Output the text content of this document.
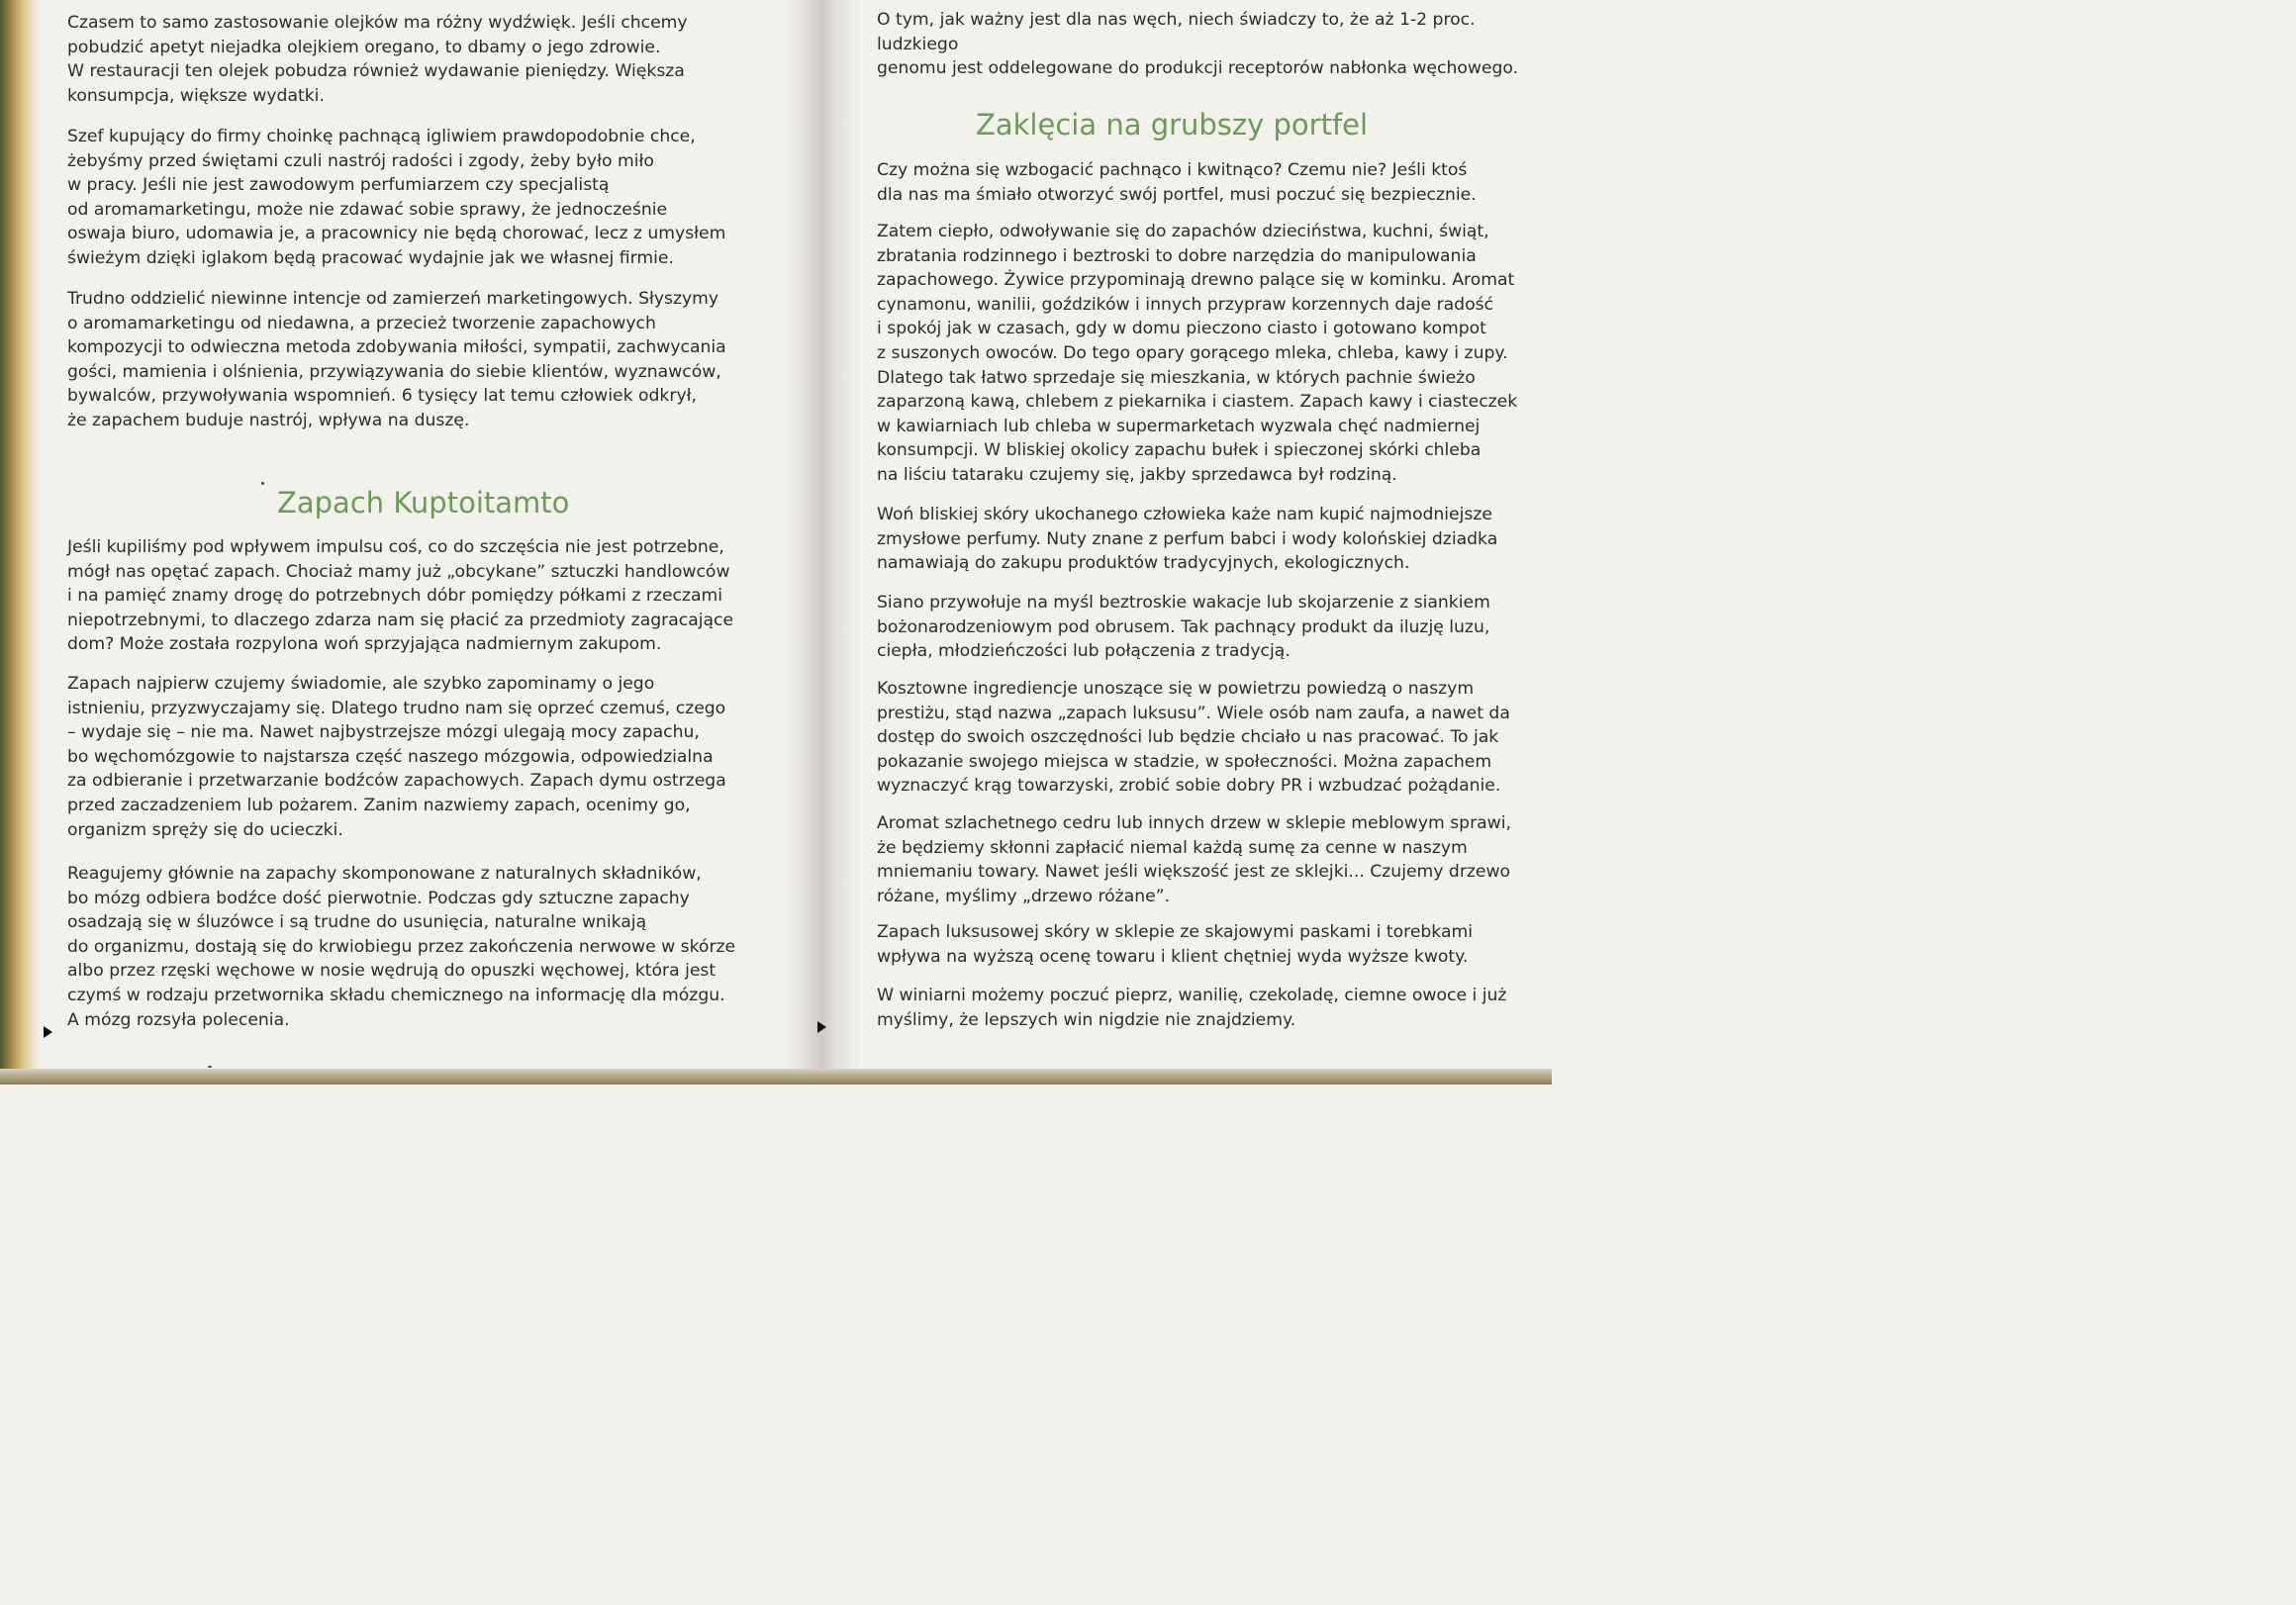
Czasem to samo zastosowanie olejków ma różny wydźwięk. Jeśli chcemy
pobudzić apetyt niejadka olejkiem oregano, to dbamy o jego zdrowie.
W restauracji ten olejek pobudza również wydawanie pieniędzy. Większa
konsumpcja, większe wydatki.

Szef kupujący do firmy choinkę pachnącą igliwiem prawdopodobnie chce,
żebyśmy przed świętami czuli nastrój radości i zgody, żeby było miło
w pracy. Jeśli nie jest zawodowym perfumiarzem czy specjalistą
od aromamarketingu, może nie zdawać sobie sprawy, że jednocześnie
oswaja biuro, udomawia je, a pracownicy nie będą chorować, lecz z umysłem
świeżym dzięki iglakom będą pracować wydajnie jak we własnej firmie.

Trudno oddzielić niewinne intencje od zamierzeń marketingowych. Słyszymy
o aromamarketingu od niedawna, a przecież tworzenie zapachowych
kompozycji to odwieczna metoda zdobywania miłości, sympatii, zachwycania
gości, mamienia i olśnienia, przywiązywania do siebie klientów, wyznawców,
bywalców, przywoływania wspomnień. 6 tysięcy lat temu człowiek odkrył,
że zapachem buduje nastrój, wpływa na duszę.

Zapach Kuptoitamto

Jeśli kupiliśmy pod wpływem impulsu coś, co do szczęścia nie jest potrzebne,
mógł nas opętać zapach. Chociaż mamy już „obcykane” sztuczki handlowców
i na pamięć znamy drogę do potrzebnych dóbr pomiędzy półkami z rzeczami
niepotrzebnymi, to dlaczego zdarza nam się płacić za przedmioty zagracające
dom? Może została rozpylona woń sprzyjająca nadmiernym zakupom.

Zapach najpierw czujemy świadomie, ale szybko zapominamy o jego
istnieniu, przyzwyczajamy się. Dlatego trudno nam się oprzeć czemuś, czego
– wydaje się – nie ma. Nawet najbystrzejsze mózgi ulegają mocy zapachu,
bo węchomózgowie to najstarsza część naszego mózgowia, odpowiedzialna
za odbieranie i przetwarzanie bodźców zapachowych. Zapach dymu ostrzega
przed zaczadzeniem lub pożarem. Zanim nazwiemy zapach, ocenimy go,
organizm spręży się do ucieczki.

Reagujemy głównie na zapachy skomponowane z naturalnych składników,
bo mózg odbiera bodźce dość pierwotnie. Podczas gdy sztuczne zapachy
osadzają się w śluzówce i są trudne do usunięcia, naturalne wnikają
do organizmu, dostają się do krwiobiegu przez zakończenia nerwowe w skórze
albo przez rzęski węchowe w nosie wędrują do opuszki węchowej, która jest
czymś w rodzaju przetwornika składu chemicznego na informację dla mózgu.
A mózg rozsyła polecenia.

O tym, jak ważny jest dla nas węch, niech świadczy to, że aż 1-2 proc. ludzkiego
genomu jest oddelegowane do produkcji receptorów nabłonka węchowego.

Zaklęcia na grubszy portfel

Czy można się wzbogacić pachnąco i kwitnąco? Czemu nie? Jeśli ktoś
dla nas ma śmiało otworzyć swój portfel, musi poczuć się bezpiecznie.

Zatem ciepło, odwoływanie się do zapachów dzieciństwa, kuchni, świąt,
zbratania rodzinnego i beztroski to dobre narzędzia do manipulowania
zapachowego. Żywice przypominają drewno palące się w kominku. Aromat
cynamonu, wanilii, goździków i innych przypraw korzennych daje radość
i spokój jak w czasach, gdy w domu pieczono ciasto i gotowano kompot
z suszonych owoców. Do tego opary gorącego mleka, chleba, kawy i zupy.
Dlatego tak łatwo sprzedaje się mieszkania, w których pachnie świeżo
zaparzoną kawą, chlebem z piekarnika i ciastem. Zapach kawy i ciasteczek
w kawiarniach lub chleba w supermarketach wyzwala chęć nadmiernej
konsumpcji. W bliskiej okolicy zapachu bułek i spieczonej skórki chleba
na liściu tataraku czujemy się, jakby sprzedawca był rodziną.

Woń bliskiej skóry ukochanego człowieka każe nam kupić najmodniejsze
zmysłowe perfumy. Nuty znane z perfum babci i wody kolońskiej dziadka
namawiają do zakupu produktów tradycyjnych, ekologicznych.

Siano przywołuje na myśl beztroskie wakacje lub skojarzenie z siankiem
bożonarodzeniowym pod obrusem. Tak pachnący produkt da iluzję luzu,
ciepła, młodzieńczości lub połączenia z tradycją.

Kosztowne ingrediencje unoszące się w powietrzu powiedzą o naszym
prestiżu, stąd nazwa „zapach luksusu”. Wiele osób nam zaufa, a nawet da
dostęp do swoich oszczędności lub będzie chciało u nas pracować. To jak
pokazanie swojego miejsca w stadzie, w społeczności. Można zapachem
wyznaczyć krąg towarzyski, zrobić sobie dobry PR i wzbudzać pożądanie.

Aromat szlachetnego cedru lub innych drzew w sklepie meblowym sprawi,
że będziemy skłonni zapłacić niemal każdą sumę za cenne w naszym
mniemaniu towary. Nawet jeśli większość jest ze sklejki... Czujemy drzewo
różane, myślimy „drzewo różane”.

Zapach luksusowej skóry w sklepie ze skajowymi paskami i torebkami
wpływa na wyższą ocenę towaru i klient chętniej wyda wyższe kwoty.

W winiarni możemy poczuć pieprz, wanilię, czekoladę, ciemne owoce i już
myślimy, że lepszych win nigdzie nie znajdziemy.
